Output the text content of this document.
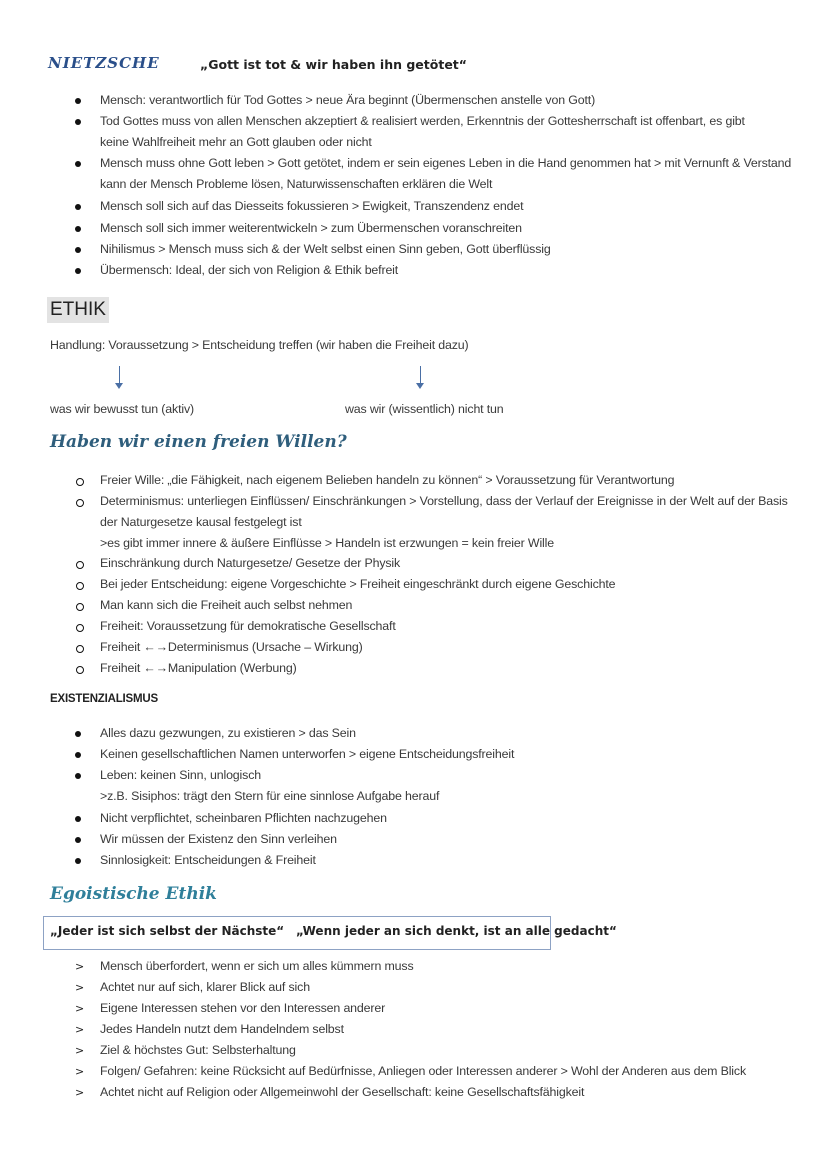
NIETZSCHE	„Gott ist tot & wir haben ihn getötet“
Mensch: verantwortlich für Tod Gottes > neue Ära beginnt (Übermenschen anstelle von Gott)
Tod Gottes muss von allen Menschen akzeptiert & realisiert werden, Erkenntnis der Gottesherrschaft ist offenbart, es gibt
keine Wahlfreiheit mehr an Gott glauben oder nicht
Mensch muss ohne Gott leben > Gott getötet, indem er sein eigenes Leben in die Hand genommen hat > mit Vernunft & Verstand
kann der Mensch Probleme lösen, Naturwissenschaften erklären die Welt
Mensch soll sich auf das Diesseits fokussieren > Ewigkeit, Transzendenz endet
Mensch soll sich immer weiterentwickeln > zum Übermenschen voranschreiten
Nihilismus > Mensch muss sich & der Welt selbst einen Sinn geben, Gott überflüssig
Übermensch: Ideal, der sich von Religion & Ethik befreit
ETHIK
Handlung: Voraussetzung > Entscheidung treffen (wir haben die Freiheit dazu)
was wir bewusst tun (aktiv)	was wir (wissentlich) nicht tun
Haben wir einen freien Willen?
Freier Wille: „die Fähigkeit, nach eigenem Belieben handeln zu können“ > Voraussetzung für Verantwortung
Determinismus: unterliegen Einflüssen/ Einschränkungen > Vorstellung, dass der Verlauf der Ereignisse in der Welt auf der Basis
der Naturgesetze kausal festgelegt ist
>es gibt immer innere & äußere Einflüsse > Handeln ist erzwungen = kein freier Wille
Einschränkung durch Naturgesetze/ Gesetze der Physik
Bei jeder Entscheidung: eigene Vorgeschichte > Freiheit eingeschränkt durch eigene Geschichte
Man kann sich die Freiheit auch selbst nehmen
Freiheit: Voraussetzung für demokratische Gesellschaft
Freiheit ←→Determinismus (Ursache – Wirkung)
Freiheit ←→Manipulation (Werbung)
EXISTENZIALISMUS
Alles dazu gezwungen, zu existieren > das Sein
Keinen gesellschaftlichen Namen unterworfen > eigene Entscheidungsfreiheit
Leben: keinen Sinn, unlogisch
>z.B. Sisiphos: trägt den Stern für eine sinnlose Aufgabe herauf
Nicht verpflichtet, scheinbaren Pflichten nachzugehen
Wir müssen der Existenz den Sinn verleihen
Sinnlosigkeit: Entscheidungen & Freiheit
Egoistische Ethik
„Jeder ist sich selbst der Nächste“ „Wenn jeder an sich denkt, ist an alle gedacht“
> Mensch überfordert, wenn er sich um alles kümmern muss
> Achtet nur auf sich, klarer Blick auf sich
> Eigene Interessen stehen vor den Interessen anderer
> Jedes Handeln nutzt dem Handelndem selbst
> Ziel & höchstes Gut: Selbsterhaltung
> Folgen/ Gefahren: keine Rücksicht auf Bedürfnisse, Anliegen oder Interessen anderer > Wohl der Anderen aus dem Blick
> Achtet nicht auf Religion oder Allgemeinwohl der Gesellschaft: keine Gesellschaftsfähigkeit
